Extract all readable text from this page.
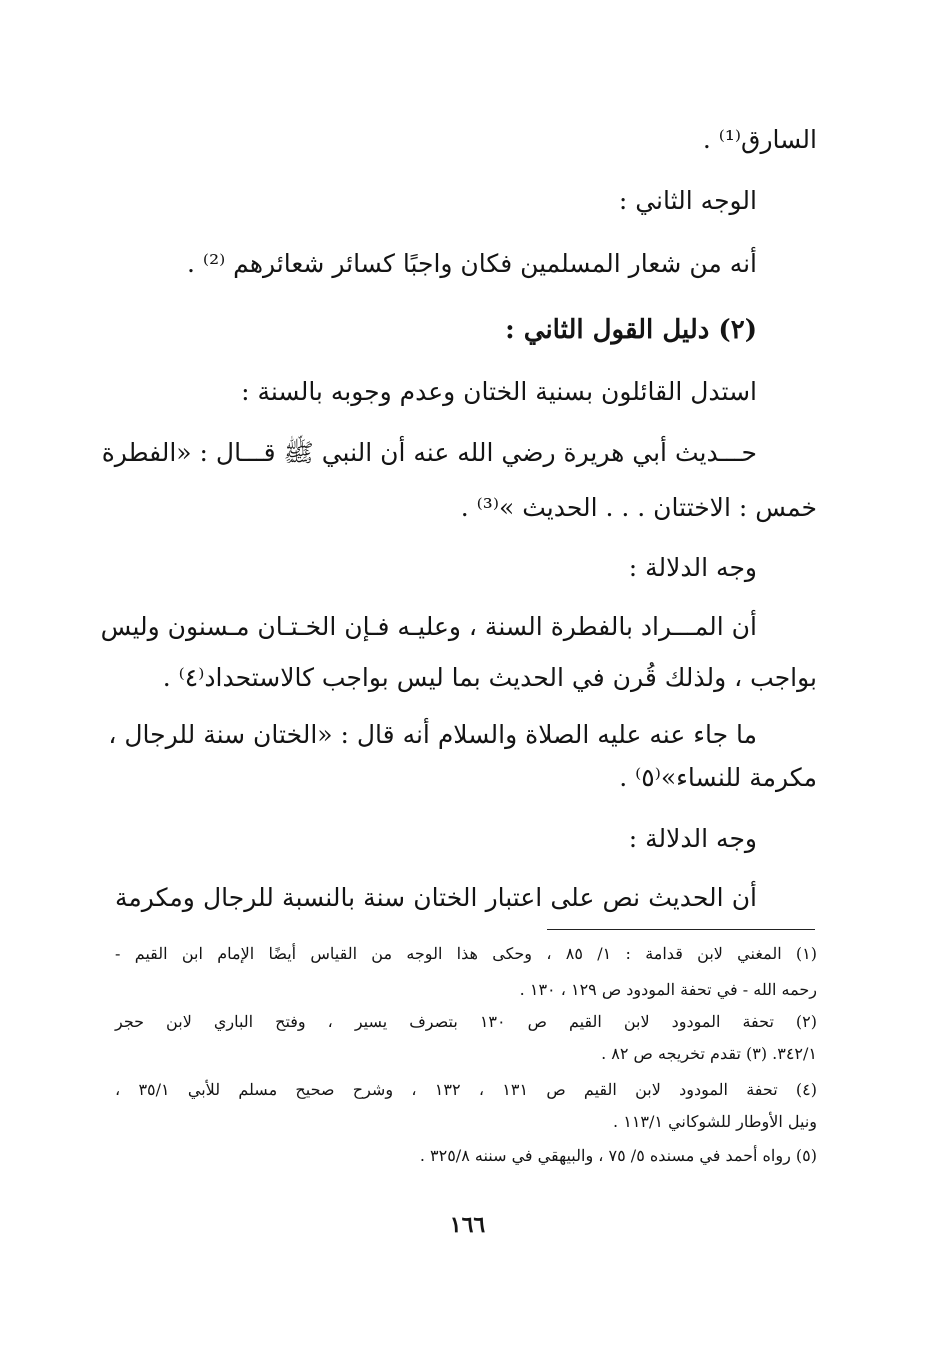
السارق⁽¹⁾ .
الوجه الثاني :
أنه من شعار المسلمين فكان واجبًا كسائر شعائرهم ⁽²⁾ .
(٢) دليل القول الثاني :
استدل القائلون بسنية الختان وعدم وجوبه بالسنة :
حـــديث أبي هريرة رضي الله عنه أن النبي ﷺ قـــال : «الفطرة
خمس : الاختتان . . . الحديث »⁽³⁾ .
وجه الدلالة :
أن المـــراد بالفطرة السنة ، وعليـه فـإن الخـتـان مـسنون وليس
بواجب ، ولذلك قُرن في الحديث بما ليس بواجب كالاستحداد⁽٤⁾ .
ما جاء عنه عليه الصلاة والسلام أنه قال : «الختان سنة للرجال ،
مكرمة للنساء»⁽٥⁾ .
وجه الدلالة :
أن الحديث نص على اعتبار الختان سنة بالنسبة للرجال ومكرمة
(١) المغني لابن قدامة : ١/ ٨٥ ، وحكى هذا الوجه من القياس أيضًا الإمام ابن القيم -
رحمه الله - في تحفة المودود ص ١٢٩ ، ١٣٠ .
(٢) تحفة المودود لابن القيم ص ١٣٠ بتصرف يسير ، وفتح الباري لابن حجر
٣٤٢/١. (٣) تقدم تخريجه ص ٨٢ .
(٤) تحفة المودود لابن القيم ص ١٣١ ، ١٣٢ ، وشرح صحيح مسلم للأبي ٣٥/١ ،
ونيل الأوطار للشوكاني ١١٣/١ .
(٥) رواه أحمد في مسنده ٥/ ٧٥ ، والبيهقي في سننه ٣٢٥/٨ .
١٦٦
